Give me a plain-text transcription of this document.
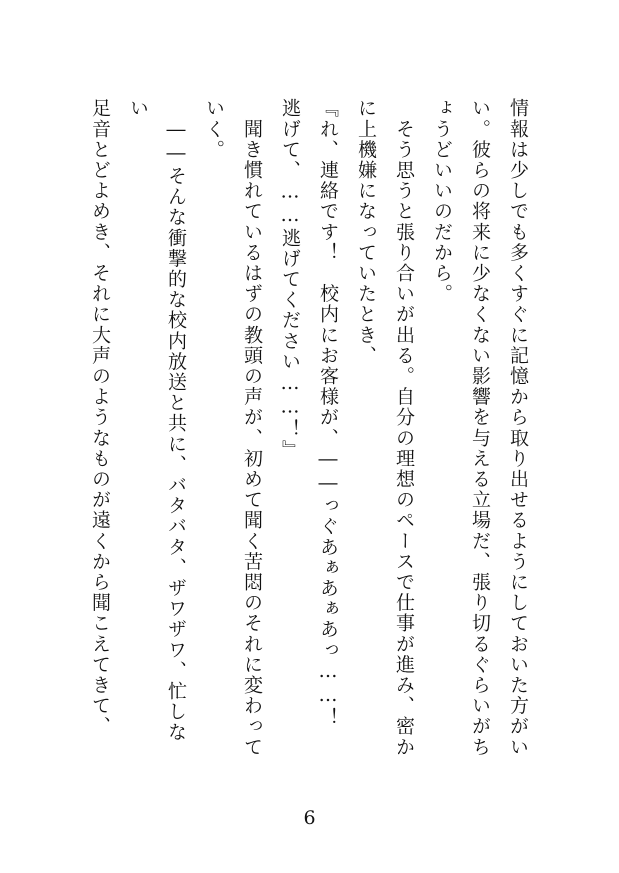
情報は少しでも多くすぐに記憶から取り出せるようにしておいた方がい

い。彼らの将来に少なくない影響を与える立場だ、張り切るぐらいがち

ょうどいいのだから。

　そう思うと張り合いが出る。自分の理想のペースで仕事が進み、密か

に上機嫌になっていたとき、

『れ、連絡です！　校内にお客様が、――っぐあぁあぁあっ……！

逃げて、……逃げてください……！』

　聞き慣れているはずの教頭の声が、初めて聞く苦悶のそれに変わって

いく。

　――そんな衝撃的な校内放送と共に、バタバタ、ザワザワ、忙しない

足音とどよめき、それに大声のようなものが遠くから聞こえてきて、

6
